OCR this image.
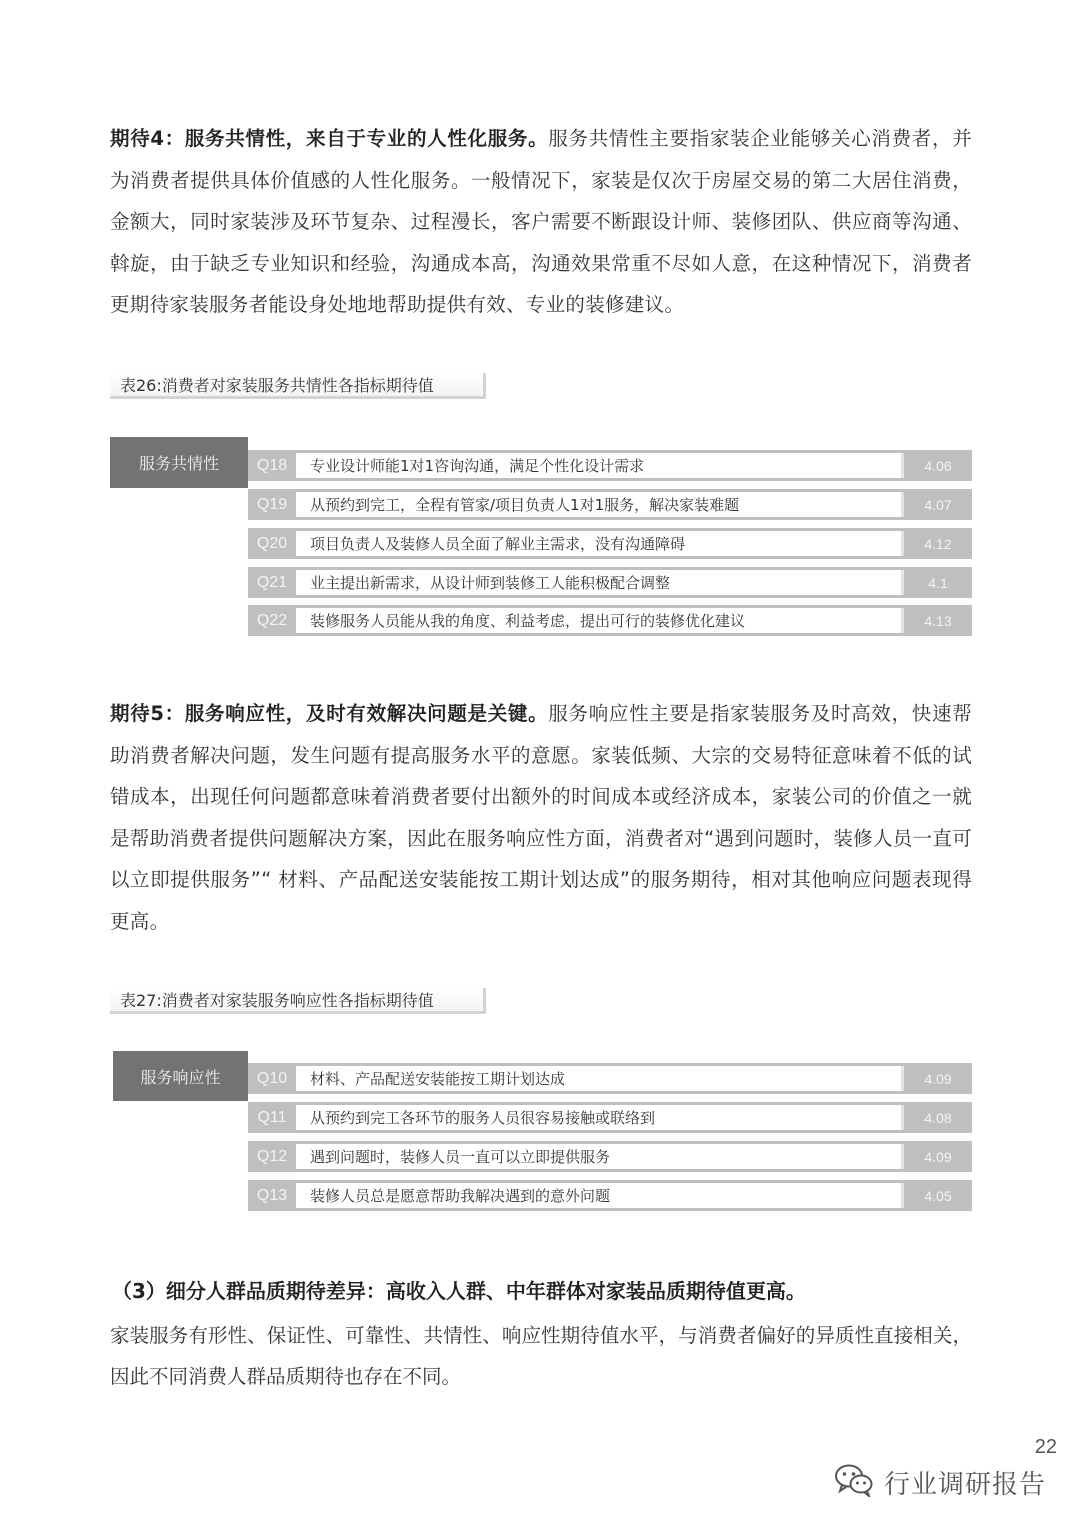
期待4：服务共情性，来自于专业的人性化服务。服务共情性主要指家装企业能够关心消费者，并为消费者提供具体价值感的人性化服务。一般情况下，家装是仅次于房屋交易的第二大居住消费，金额大，同时家装涉及环节复杂、过程漫长，客户需要不断跟设计师、装修团队、供应商等沟通、斡旋，由于缺乏专业知识和经验，沟通成本高，沟通效果常重不尽如人意，在这种情况下，消费者更期待家装服务者能设身处地地帮助提供有效、专业的装修建议。
表26:消费者对家装服务共情性各指标期待值
服务共情性	Q18	专业设计师能1对1咨询沟通，满足个性化设计需求	4.06
Q19	从预约到完工，全程有管家/项目负责人1对1服务，解决家装难题	4.07
Q20	项目负责人及装修人员全面了解业主需求，没有沟通障碍	4.12
Q21	业主提出新需求，从设计师到装修工人能积极配合调整	4.1
Q22	装修服务人员能从我的角度、利益考虑，提出可行的装修优化建议	4.13
期待5：服务响应性，及时有效解决问题是关键。服务响应性主要是指家装服务及时高效，快速帮助消费者解决问题，发生问题有提高服务水平的意愿。家装低频、大宗的交易特征意味着不低的试错成本，出现任何问题都意味着消费者要付出额外的时间成本或经济成本，家装公司的价值之一就是帮助消费者提供问题解决方案，因此在服务响应性方面，消费者对“遇到问题时，装修人员一直可以立即提供服务”“ 材料、产品配送安装能按工期计划达成”的服务期待，相对其他响应问题表现得更高。
表27:消费者对家装服务响应性各指标期待值
服务响应性	Q10	材料、产品配送安装能按工期计划达成	4.09
Q11	从预约到完工各环节的服务人员很容易接触或联络到	4.08
Q12	遇到问题时，装修人员一直可以立即提供服务	4.09
Q13	装修人员总是愿意帮助我解决遇到的意外问题	4.05
（3）细分人群品质期待差异：高收入人群、中年群体对家装品质期待值更高。
家装服务有形性、保证性、可靠性、共情性、响应性期待值水平，与消费者偏好的异质性直接相关，因此不同消费人群品质期待也存在不同。
22
行业调研报告
